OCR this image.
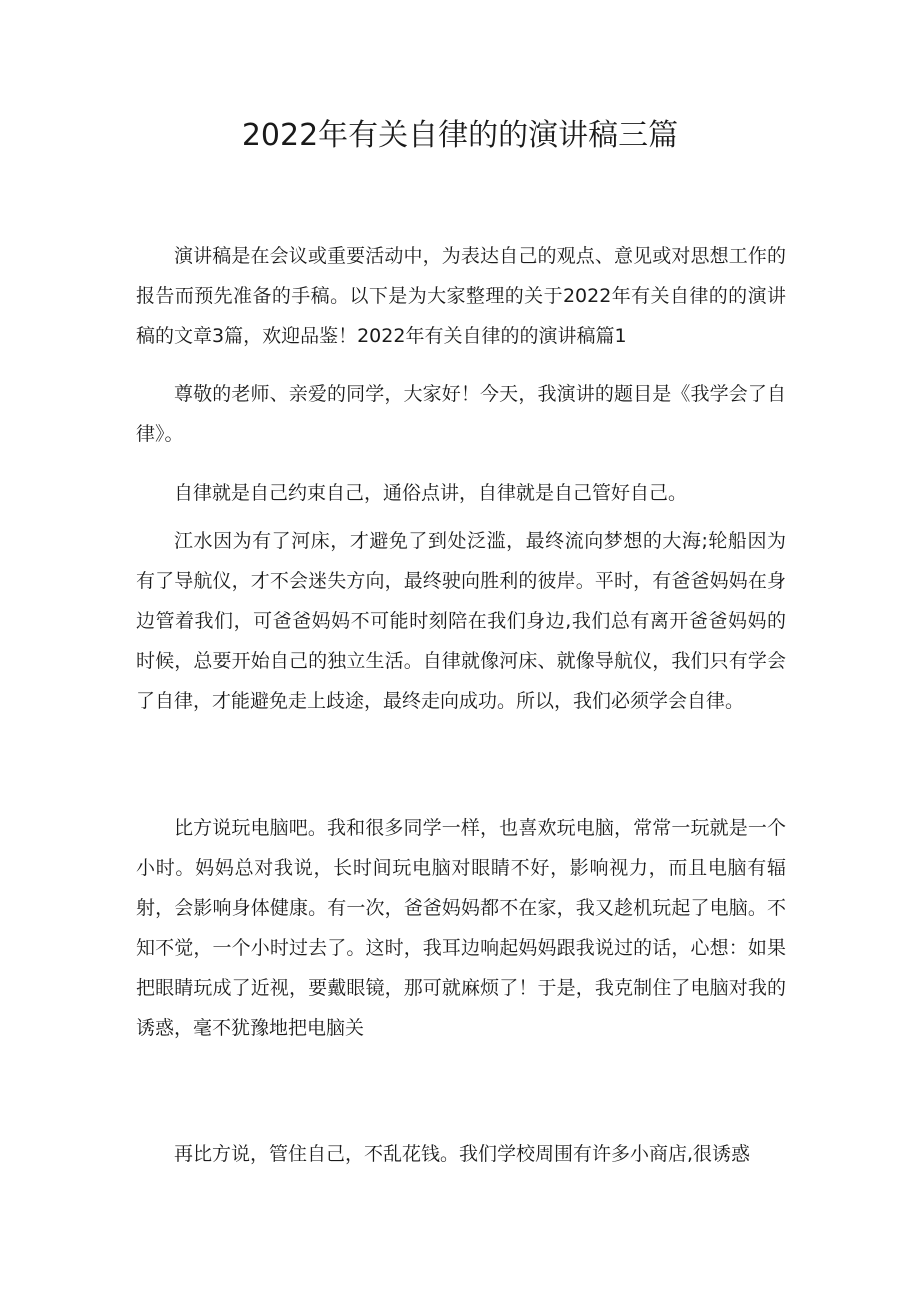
2022年有关自律的的演讲稿三篇

演讲稿是在会议或重要活动中，为表达自己的观点、意见或对思想工作的报告而预先准备的手稿。以下是为大家整理的关于2022年有关自律的的演讲稿的文章3篇，欢迎品鉴！2022年有关自律的的演讲稿篇1

尊敬的老师、亲爱的同学，大家好！今天，我演讲的题目是《我学会了自律》。

自律就是自己约束自己，通俗点讲，自律就是自己管好自己。

江水因为有了河床，才避免了到处泛滥，最终流向梦想的大海;轮船因为有了导航仪，才不会迷失方向，最终驶向胜利的彼岸。平时，有爸爸妈妈在身边管着我们，可爸爸妈妈不可能时刻陪在我们身边,我们总有离开爸爸妈妈的时候，总要开始自己的独立生活。自律就像河床、就像导航仪，我们只有学会了自律，才能避免走上歧途，最终走向成功。所以，我们必须学会自律。

比方说玩电脑吧。我和很多同学一样，也喜欢玩电脑，常常一玩就是一个小时。妈妈总对我说，长时间玩电脑对眼睛不好，影响视力，而且电脑有辐射，会影响身体健康。有一次，爸爸妈妈都不在家，我又趁机玩起了电脑。不知不觉，一个小时过去了。这时，我耳边响起妈妈跟我说过的话，心想：如果把眼睛玩成了近视，要戴眼镜，那可就麻烦了！于是，我克制住了电脑对我的诱惑，毫不犹豫地把电脑关

再比方说，管住自己，不乱花钱。我们学校周围有许多小商店,很诱惑
